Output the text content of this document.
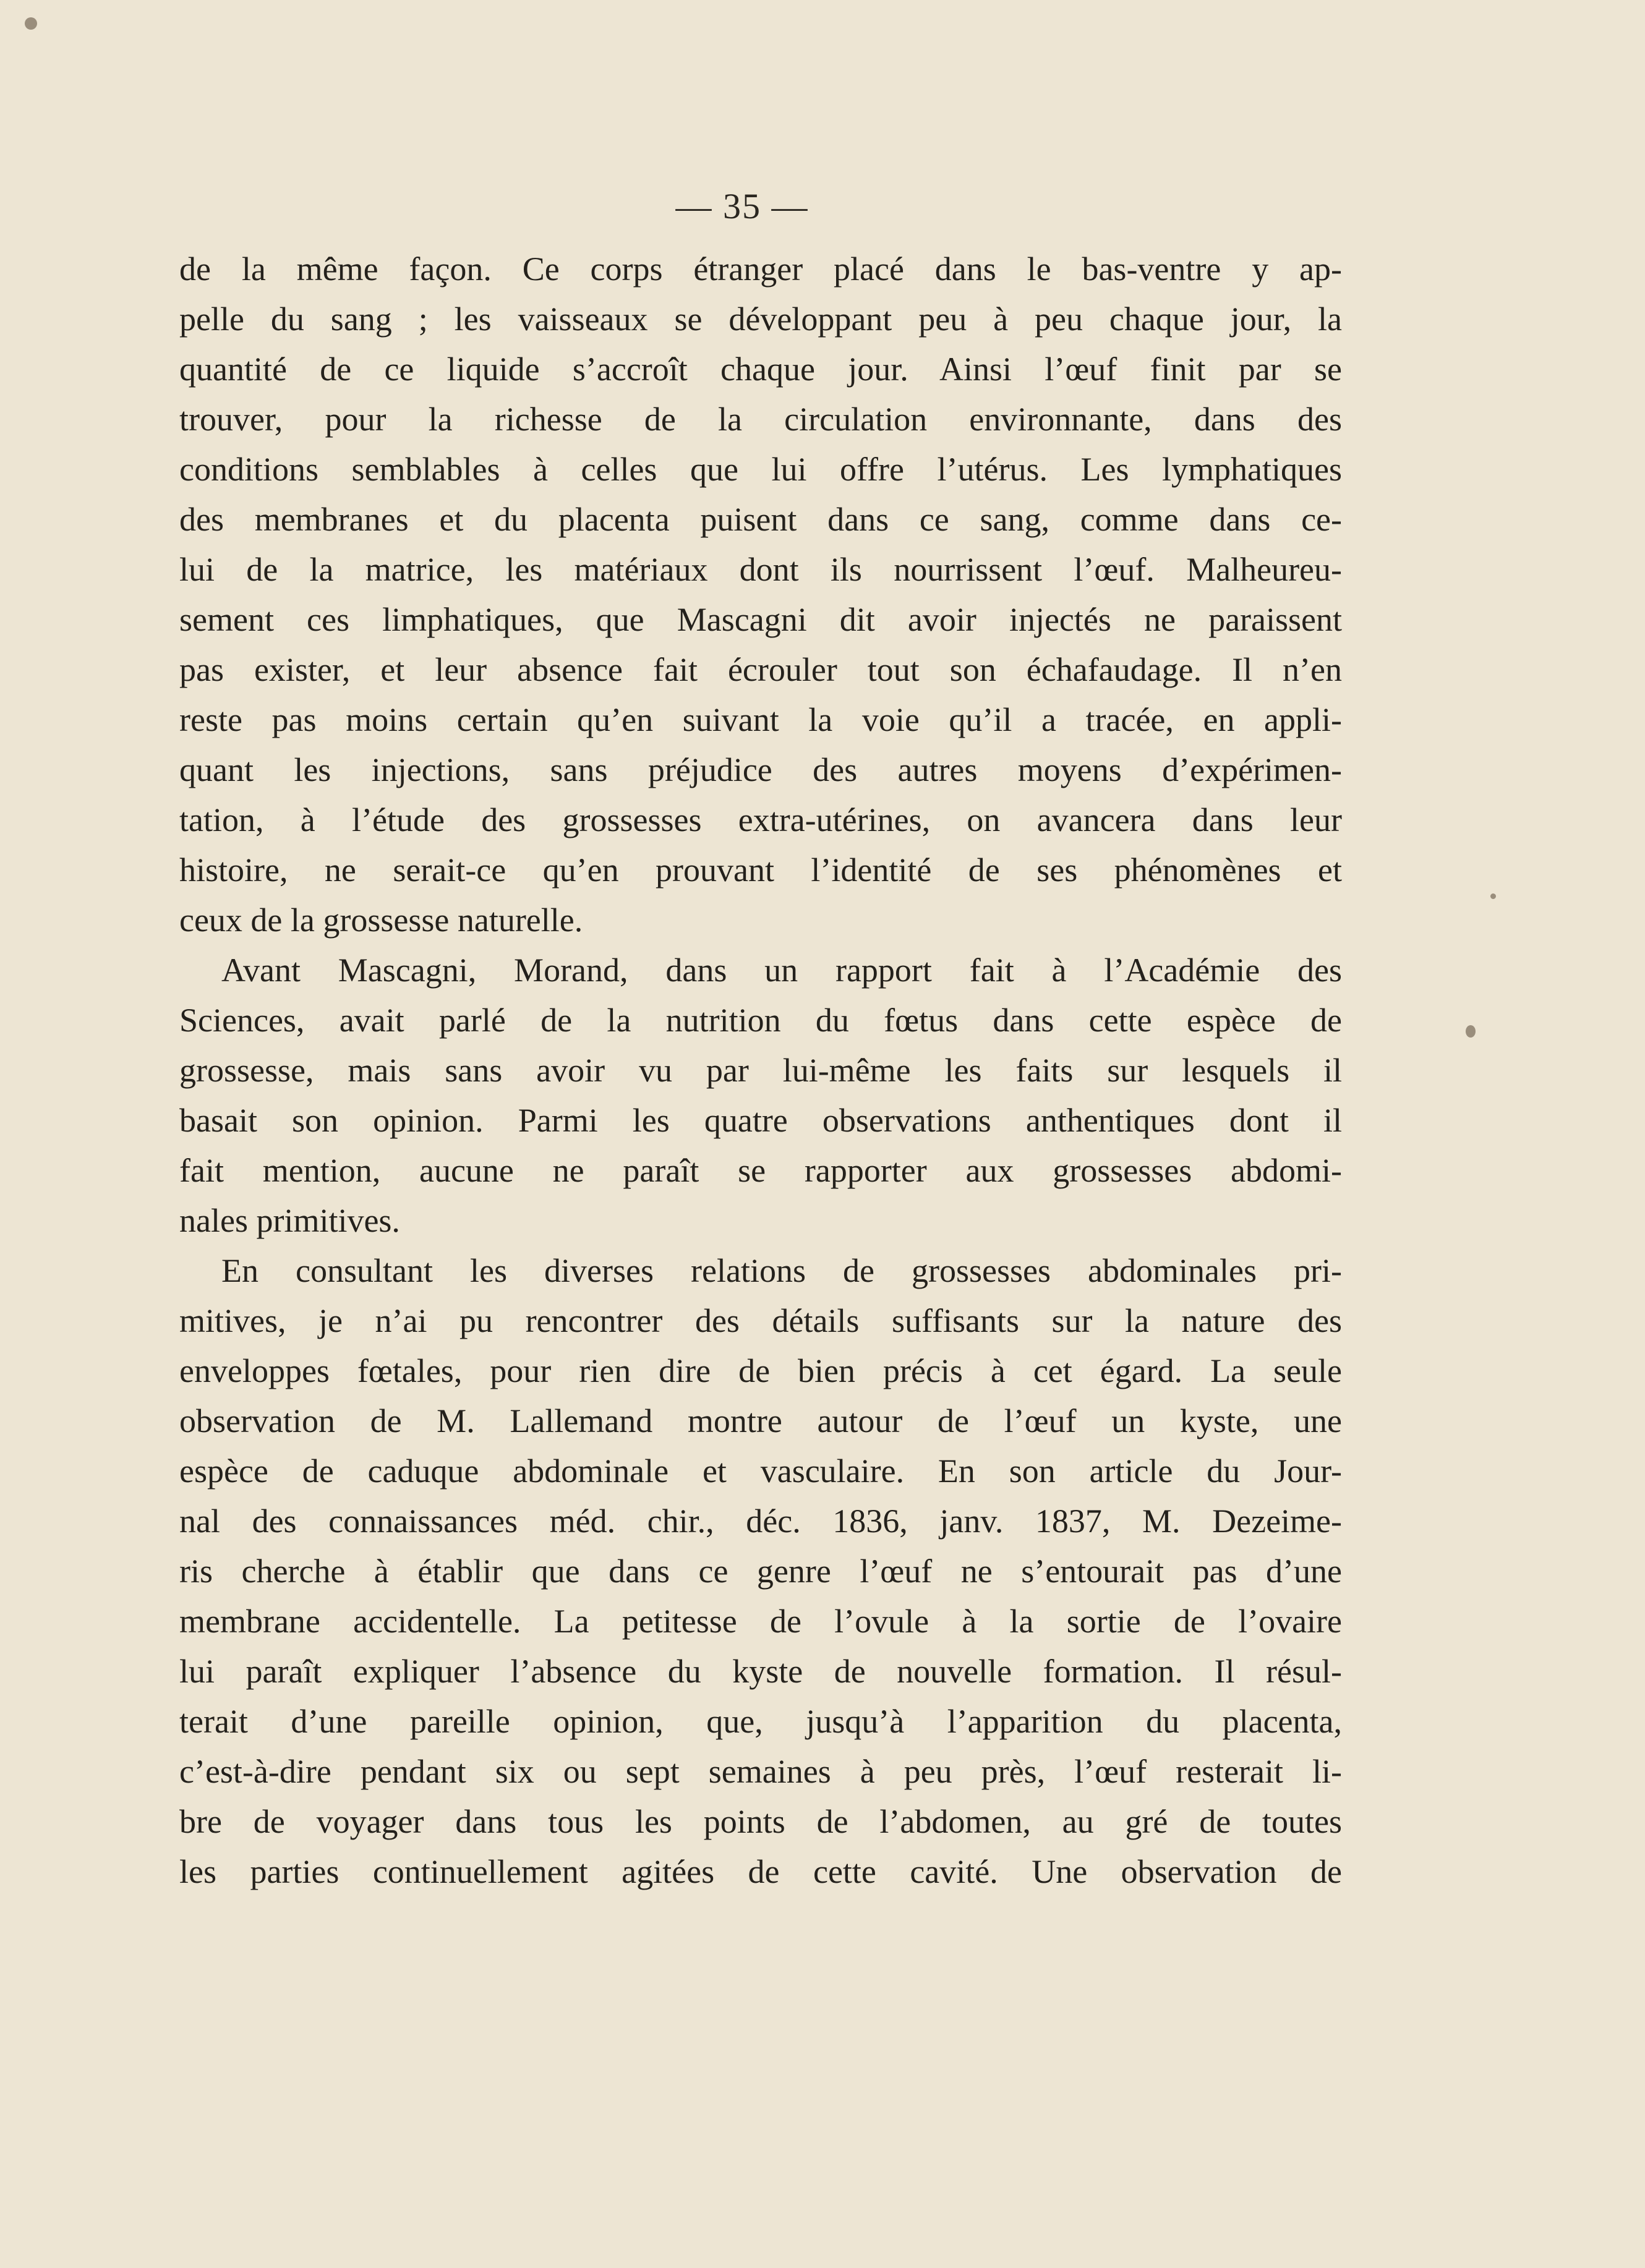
— 35 —

de la même façon. Ce corps étranger placé dans le bas-ventre y ap-
pelle du sang ; les vaisseaux se développant peu à peu chaque jour, la
quantité de ce liquide s’accroît chaque jour. Ainsi l’œuf finit par se
trouver, pour la richesse de la circulation environnante, dans des
conditions semblables à celles que lui offre l’utérus. Les lymphatiques
des membranes et du placenta puisent dans ce sang, comme dans ce-
lui de la matrice, les matériaux dont ils nourrissent l’œuf. Malheureu-
sement ces limphatiques, que Mascagni dit avoir injectés ne paraissent
pas exister, et leur absence fait écrouler tout son échafaudage. Il n’en
reste pas moins certain qu’en suivant la voie qu’il a tracée, en appli-
quant les injections, sans préjudice des autres moyens d’expérimen-
tation, à l’étude des grossesses extra-utérines, on avancera dans leur
histoire, ne serait-ce qu’en prouvant l’identité de ses phénomènes et
ceux de la grossesse naturelle.

Avant Mascagni, Morand, dans un rapport fait à l’Académie des
Sciences, avait parlé de la nutrition du fœtus dans cette espèce de
grossesse, mais sans avoir vu par lui-même les faits sur lesquels il
basait son opinion. Parmi les quatre observations anthentiques dont il
fait mention, aucune ne paraît se rapporter aux grossesses abdomi-
nales primitives.

En consultant les diverses relations de grossesses abdominales pri-
mitives, je n’ai pu rencontrer des détails suffisants sur la nature des
enveloppes fœtales, pour rien dire de bien précis à cet égard. La seule
observation de M. Lallemand montre autour de l’œuf un kyste, une
espèce de caduque abdominale et vasculaire. En son article du Jour-
nal des connaissances méd. chir., déc. 1836, janv. 1837, M. Dezeime-
ris cherche à établir que dans ce genre l’œuf ne s’entourait pas d’une
membrane accidentelle. La petitesse de l’ovule à la sortie de l’ovaire
lui paraît expliquer l’absence du kyste de nouvelle formation. Il résul-
terait d’une pareille opinion, que, jusqu’à l’apparition du placenta,
c’est-à-dire pendant six ou sept semaines à peu près, l’œuf resterait li-
bre de voyager dans tous les points de l’abdomen, au gré de toutes
les parties continuellement agitées de cette cavité. Une observation de
